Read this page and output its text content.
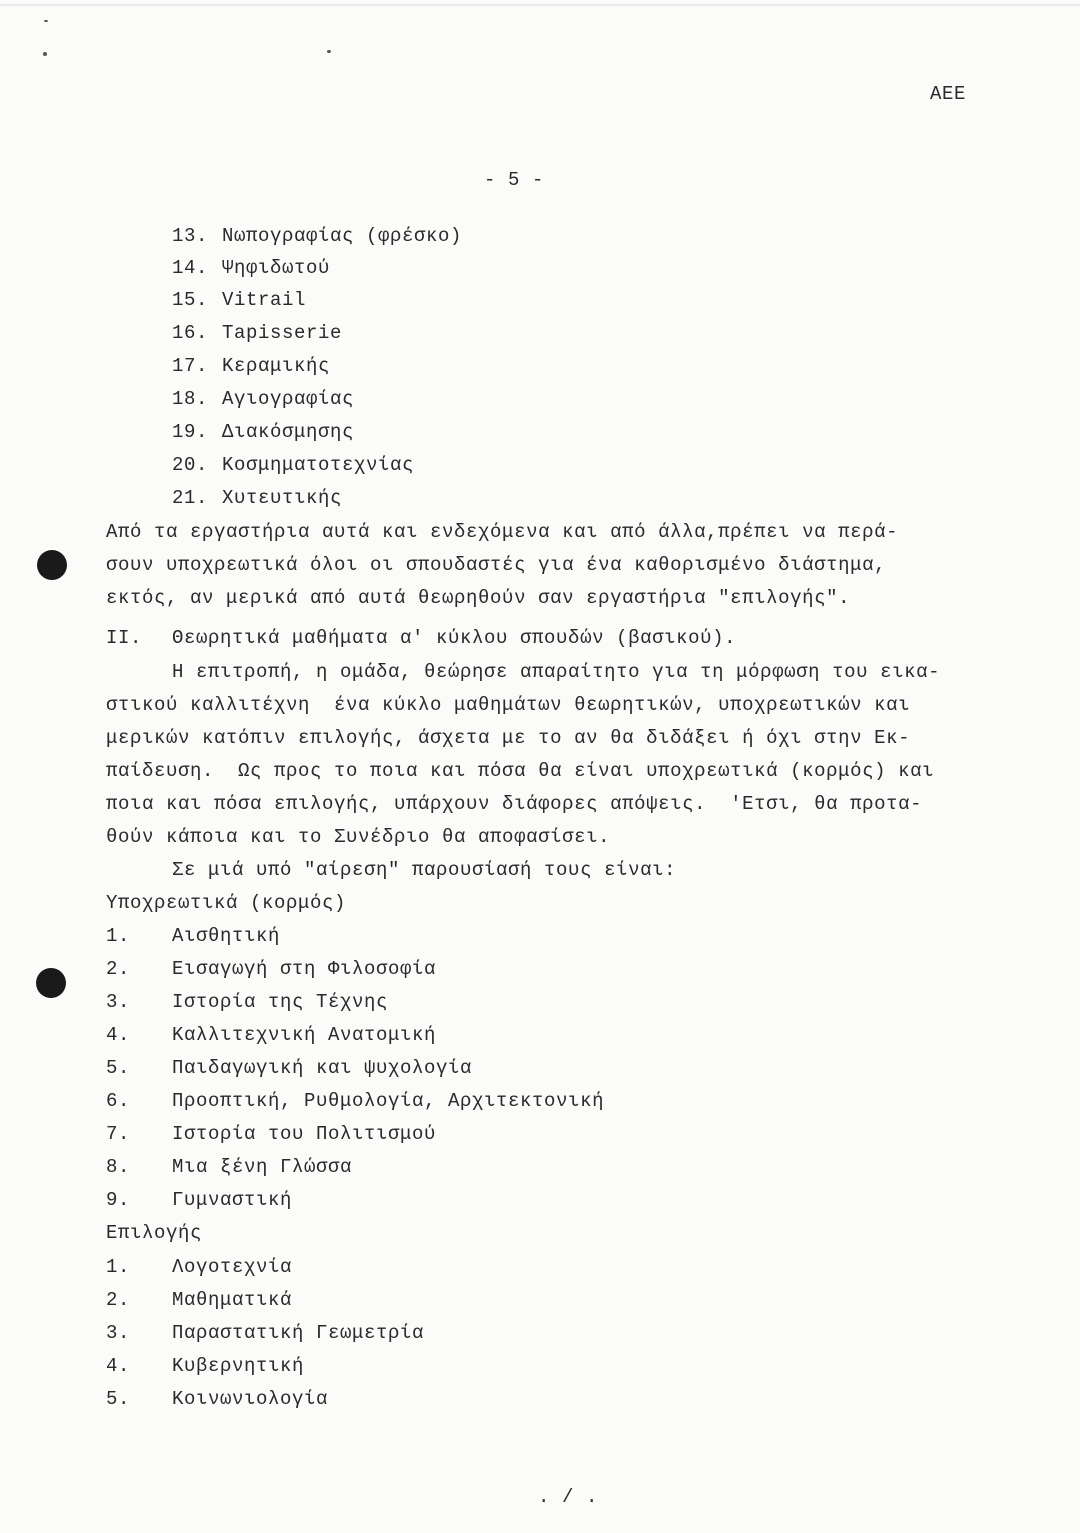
ΑΕΕ
- 5 -
13. Νωπογραφίας (φρέσκο)
14. Ψηφιδωτού
15. Vitrail
16. Tapisserie
17. Κεραμικής
18. Αγιογραφίας
19. Διακόσμησης
20. Κοσμηματοτεχνίας
21. Χυτευτικής
Από τα εργαστήρια αυτά και ενδεχόμενα και από άλλα,πρέπει να περά-
σουν υποχρεωτικά όλοι οι σπουδαστές για ένα καθορισμένο διάστημα,
εκτός, αν μερικά από αυτά θεωρηθούν σαν εργαστήρια "επιλογής".
II. Θεωρητικά μαθήματα α' κύκλου σπουδών (βασικού).
Η επιτροπή, η ομάδα, θεώρησε απαραίτητο για τη μόρφωση του εικα-
στικού καλλιτέχνη  ένα κύκλο μαθημάτων θεωρητικών, υποχρεωτικών και
μερικών κατόπιν επιλογής, άσχετα με το αν θα διδάξει ή όχι στην Εκ-
παίδευση.  Ως προς το ποια και πόσα θα είναι υποχρεωτικά (κορμός) και
ποια και πόσα επιλογής, υπάρχουν διάφορες απόψεις.  'Ετσι, θα προτα-
θούν κάποια και το Συνέδριο θα αποφασίσει.
Σε μιά υπό "αίρεση" παρουσίασή τους είναι:
Υποχρεωτικά (κορμός)
1. Αισθητική
2. Εισαγωγή στη Φιλοσοφία
3. Ιστορία της Τέχνης
4. Καλλιτεχνική Ανατομική
5. Παιδαγωγική και ψυχολογία
6. Προοπτική, Ρυθμολογία, Αρχιτεκτονική
7. Ιστορία του Πολιτισμού
8. Μια ξένη Γλώσσα
9. Γυμναστική
Επιλογής
1. Λογοτεχνία
2. Μαθηματικά
3. Παραστατική Γεωμετρία
4. Κυβερνητική
5. Κοινωνιολογία
. / .
